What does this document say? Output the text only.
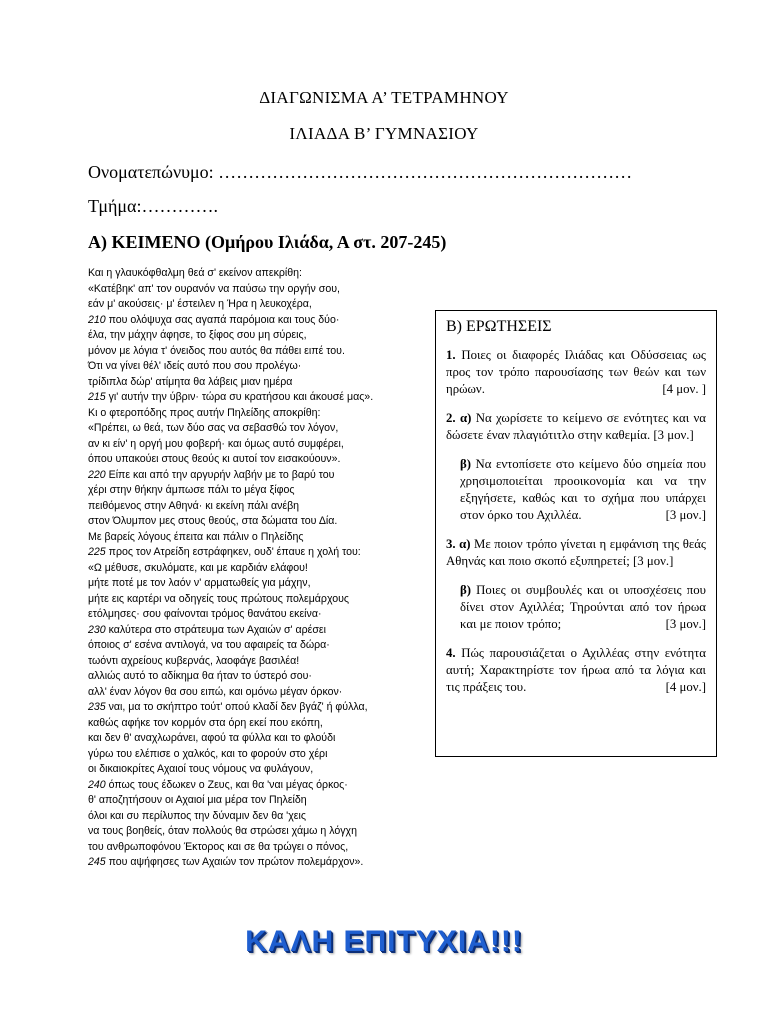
ΔΙΑΓΩΝΙΣΜΑ Α’ ΤΕΤΡΑΜΗΝΟΥ
ΙΛΙΑΔΑ Β’ ΓΥΜΝΑΣΙΟΥ
Ονοματεπώνυμο: ……………………………………………………………
Τμήμα:………….
Α) ΚΕΙΜΕΝΟ (Ομήρου Ιλιάδα, Α στ. 207-245)
Και η γλαυκόφθαλμη θεά σ' εκείνον απεκρίθη:
«Κατέβηκ' απ' τον ουρανόν να παύσω την οργήν σου,
εάν μ' ακούσεις· μ' έστειλεν η Ήρα η λευκοχέρα,
210 που ολόψυχα σας αγαπά παρόμοια και τους δύο·
έλα, την μάχην άφησε, το ξίφος σου μη σύρεις,
μόνον με λόγια τ' όνειδος που αυτός θα πάθει ειπέ του.
Ότι να γίνει θέλ' ιδείς αυτό που σου προλέγω·
τρίδιπλα δώρ' ατίμητα θα λάβεις μιαν ημέρα
215 γι' αυτήν την ύβριν· τώρα συ κρατήσου και άκουσέ μας».
Κι ο φτεροπόδης προς αυτήν Πηλείδης αποκρίθη:
«Πρέπει, ω θεά, των δύο σας να σεβασθώ τον λόγον,
αν κι είν' η οργή μου φοβερή· και όμως αυτό συμφέρει,
όπου υπακούει στους θεούς κι αυτοί τον εισακούουν».
220 Είπε και από την αργυρήν λαβήν με το βαρύ του
χέρι στην θήκην άμπωσε πάλι το μέγα ξίφος
πειθόμενος στην Αθηνά· κι εκείνη πάλι ανέβη
στον Όλυμπον μες στους θεούς, στα δώματα του Δία.
Με βαρείς λόγους έπειτα και πάλιν ο Πηλείδης
225 προς τον Ατρείδη εστράφηκεν, ουδ' έπαυε η χολή του:
«Ω μέθυσε, σκυλόματε, και με καρδιάν ελάφου!
μήτε ποτέ με τον λαόν ν' αρματωθείς για μάχην,
μήτε εις καρτέρι να οδηγείς τους πρώτους πολεμάρχους
ετόλμησες· σου φαίνονται τρόμος θανάτου εκείνα·
230 καλύτερα στο στράτευμα των Αχαιών σ' αρέσει
όποιος σ' εσένα αντιλογά, να του αφαιρείς τα δώρα·
τωόντι αχρείους κυβερνάς, λαοφάγε βασιλέα!
αλλιώς αυτό το αδίκημα θα ήταν το ύστερό σου·
αλλ' έναν λόγον θα σου ειπώ, και ομόνω μέγαν όρκον·
235 ναι, μα το σκήπτρο τούτ' οπού κλαδί δεν βγάζ' ή φύλλα,
καθώς αφήκε τον κορμόν στα όρη εκεί που εκόπη,
και δεν θ' αναχλωράνει, αφού τα φύλλα και το φλούδι
γύρω του ελέπισε ο χαλκός, και το φορούν στο χέρι
οι δικαιοκρίτες Αχαιοί τους νόμους να φυλάγουν,
240 όπως τους έδωκεν ο Ζευς, και θα 'ναι μέγας όρκος·
θ' αποζητήσουν οι Αχαιοί μια μέρα τον Πηλείδη
όλοι και συ περίλυπος την δύναμιν δεν θα 'χεις
να τους βοηθείς, όταν πολλούς θα στρώσει χάμω η λόγχη
του ανθρωποφόνου Έκτορος και σε θα τρώγει ο πόνος,
245 που αψήφησες των Αχαιών τον πρώτον πολεμάρχον».
Β) ΕΡΩΤΗΣΕΙΣ
1. Ποιες οι διαφορές Ιλιάδας και Οδύσσειας ως προς τον τρόπο παρουσίασης των θεών και των ηρώων.	[4 μον. ]
2. α) Να χωρίσετε το κείμενο σε ενότητες και να δώσετε έναν πλαγιότιτλο στην καθεμία. [3 μον.]
β) Να εντοπίσετε στο κείμενο δύο σημεία που χρησιμοποιείται προοικονομία και να την εξηγήσετε, καθώς και το σχήμα που υπάρχει στον όρκο του Αχιλλέα.	[3 μον.]
3. α) Με ποιον τρόπο γίνεται η εμφάνιση της θεάς Αθηνάς και ποιο σκοπό εξυπηρετεί; [3 μον.]
β) Ποιες οι συμβουλές και οι υποσχέσεις που δίνει στον Αχιλλέα; Τηρούνται από τον ήρωα και με ποιον τρόπο;	[3 μον.]
4. Πώς παρουσιάζεται ο Αχιλλέας στην ενότητα αυτή; Χαρακτηρίστε τον ήρωα από τα λόγια και τις πράξεις του.	[4 μον.]
ΚΑΛΗ ΕΠΙΤΥΧΙΑ!!!
